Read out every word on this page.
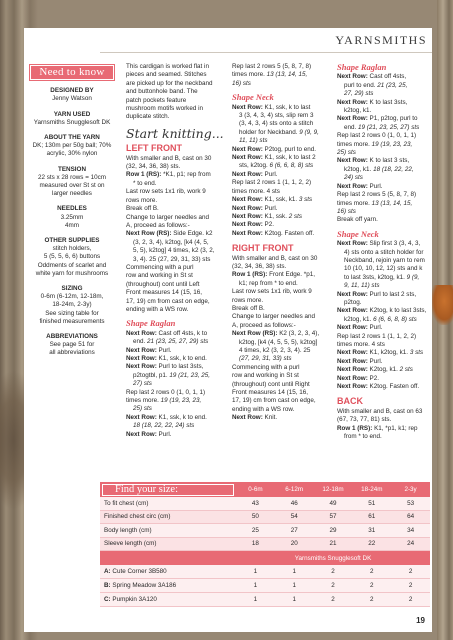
YARNSMITHS
Need to know
DESIGNED BY
Jenny Watson
YARN USED
Yarnsmiths Snugglesoft DK
ABOUT THE YARN
DK; 130m per 50g ball; 70%
acrylic, 30% nylon
TENSION
22 sts x 28 rows = 10cm
measured over St st on
larger needles
NEEDLES
3.25mm
4mm
OTHER SUPPLIES
stitch holders,
5 (5, 5, 6, 6) buttons
Oddments of scarlet and
white yarn for mushrooms
SIZING
0-6m (6-12m, 12-18m,
18-24m, 2-3y)
See sizing table for
finished measurements
ABBREVIATIONS
See page 51 for
all abbreviations

This cardigan is worked flat in

pieces and seamed. Stitches

are picked up for the neckband

and buttonhole band. The

patch pockets feature

mushroom motifs worked in

duplicate stitch.

Start knitting...
LEFT FRONT

With smaller and B, cast on 30

(32, 34, 36, 38) sts.

Row 1 (RS): *K1, p1; rep from

* to end.

Last row sets 1x1 rib, work 9

rows more.

Break off B.

Change to larger needles and

A, proceed as follows:-

Next Row (RS): Side Edge. k2

(3, 2, 3, 4), k2tog, [k4 (4, 5,

5, 5), k2tog] 4 times, k2 (3, 2,

3, 4). 25 (27, 29, 31, 33) sts

Commencing with a purl

row and working in St st

(throughout) cont until Left

Front measures 14 (15, 16,

17, 19) cm from cast on edge,

ending with a WS row.

Shape Raglan

Next Row: Cast off 4sts, k to

end. 21 (23, 25, 27, 29) sts

Next Row: Purl.

Next Row: K1, ssk, k to end.

Next Row: Purl to last 3sts,

p2togtbl, p1. 19 (21, 23, 25,

27) sts

Rep last 2 rows 0 (1, 0, 1, 1)

times more. 19 (19, 23, 23,

25) sts

Next Row: K1, ssk, k to end.

18 (18, 22, 22, 24) sts

Next Row: Purl.

Rep last 2 rows 5 (5, 8, 7, 8)

times more. 13 (13, 14, 15,

16) sts

Shape Neck

Next Row: K1, ssk, k to last

3 (3, 4, 3, 4) sts, slip rem 3

(3, 4, 3, 4) sts onto a stitch

holder for Neckband. 9 (9, 9,

11, 11) sts

Next Row: P2tog, purl to end.

Next Row: K1, ssk, k to last 2

sts, k2tog. 6 (6, 6, 8, 8) sts

Next Row: Purl.

Rep last 2 rows 1 (1, 1, 2, 2)

times more. 4 sts

Next Row: K1, ssk, k1. 3 sts

Next Row: Purl.

Next Row: K1, ssk. 2 sts

Next Row: P2.

Next Row: K2tog. Fasten off.

RIGHT FRONT

With smaller and B, cast on 30

(32, 34, 36, 38) sts.

Row 1 (RS): Front Edge. *p1,

k1; rep from * to end.

Last row sets 1x1 rib, work 9

rows more.

Break off B.

Change to larger needles and

A, proceed as follows:-

Next Row (RS): K2 (3, 2, 3, 4),

k2tog, [k4 (4, 5, 5, 5), k2tog]

4 times, k2 (3, 2, 3, 4). 25

(27, 29, 31, 33) sts

Commencing with a purl

row and working in St st

(throughout) cont until Right

Front measures 14 (15, 16,

17, 19) cm from cast on edge,

ending with a WS row.

Next Row: Knit.

Shape Raglan

Next Row: Cast off 4sts,

purl to end. 21 (23, 25,

27, 29) sts

Next Row: K to last 3sts,

k2tog, k1.

Next Row: P1, p2tog, purl to

end. 19 (21, 23, 25, 27) sts

Rep last 2 rows 0 (1, 0, 1, 1)

times more. 19 (19, 23, 23,

25) sts

Next Row: K to last 3 sts,

k2tog, k1. 18 (18, 22, 22,

24) sts

Next Row: Purl.

Rep last 2 rows 5 (5, 8, 7, 8)

times more. 13 (13, 14, 15,

16) sts

Break off yarn.

Shape Neck

Next Row: Slip first 3 (3, 4, 3,

4) sts onto a stitch holder for

Neckband, rejoin yarn to rem

10 (10, 10, 12, 12) sts and k

to last 3sts, k2tog, k1. 9 (9,

9, 11, 11) sts

Next Row: Purl to last 2 sts,

p2tog.

Next Row: K2tog, k to last 3sts,

k2tog, k1. 6 (6, 6, 8, 8) sts

Next Row: Purl.

Rep last 2 rows 1 (1, 1, 2, 2)

times more. 4 sts

Next Row: K1, k2tog, k1. 3 sts

Next Row: Purl.

Next Row: K2tog, k1. 2 sts

Next Row: P2.

Next Row: K2tog. Fasten off.

BACK

With smaller and B, cast on 63

(67, 73, 77, 81) sts.

Row 1 (RS): K1, *p1, k1; rep

from * to end.

Find your size:	0-6m	6-12m	12-18m	18-24m	2-3y
To fit chest (cm)	43	46	49	51	53
Finished chest circ (cm)	50	54	57	61	64
Body length (cm)	25	27	29	31	34
Sleeve length (cm)	18	20	21	22	24
Yarnsmiths Snugglesoft DK
A: Cute Corner 3B580	1	1	2	2	2
B: Spring Meadow 3A186	1	1	2	2	2
C: Pumpkin 3A120	1	1	2	2	2
19
